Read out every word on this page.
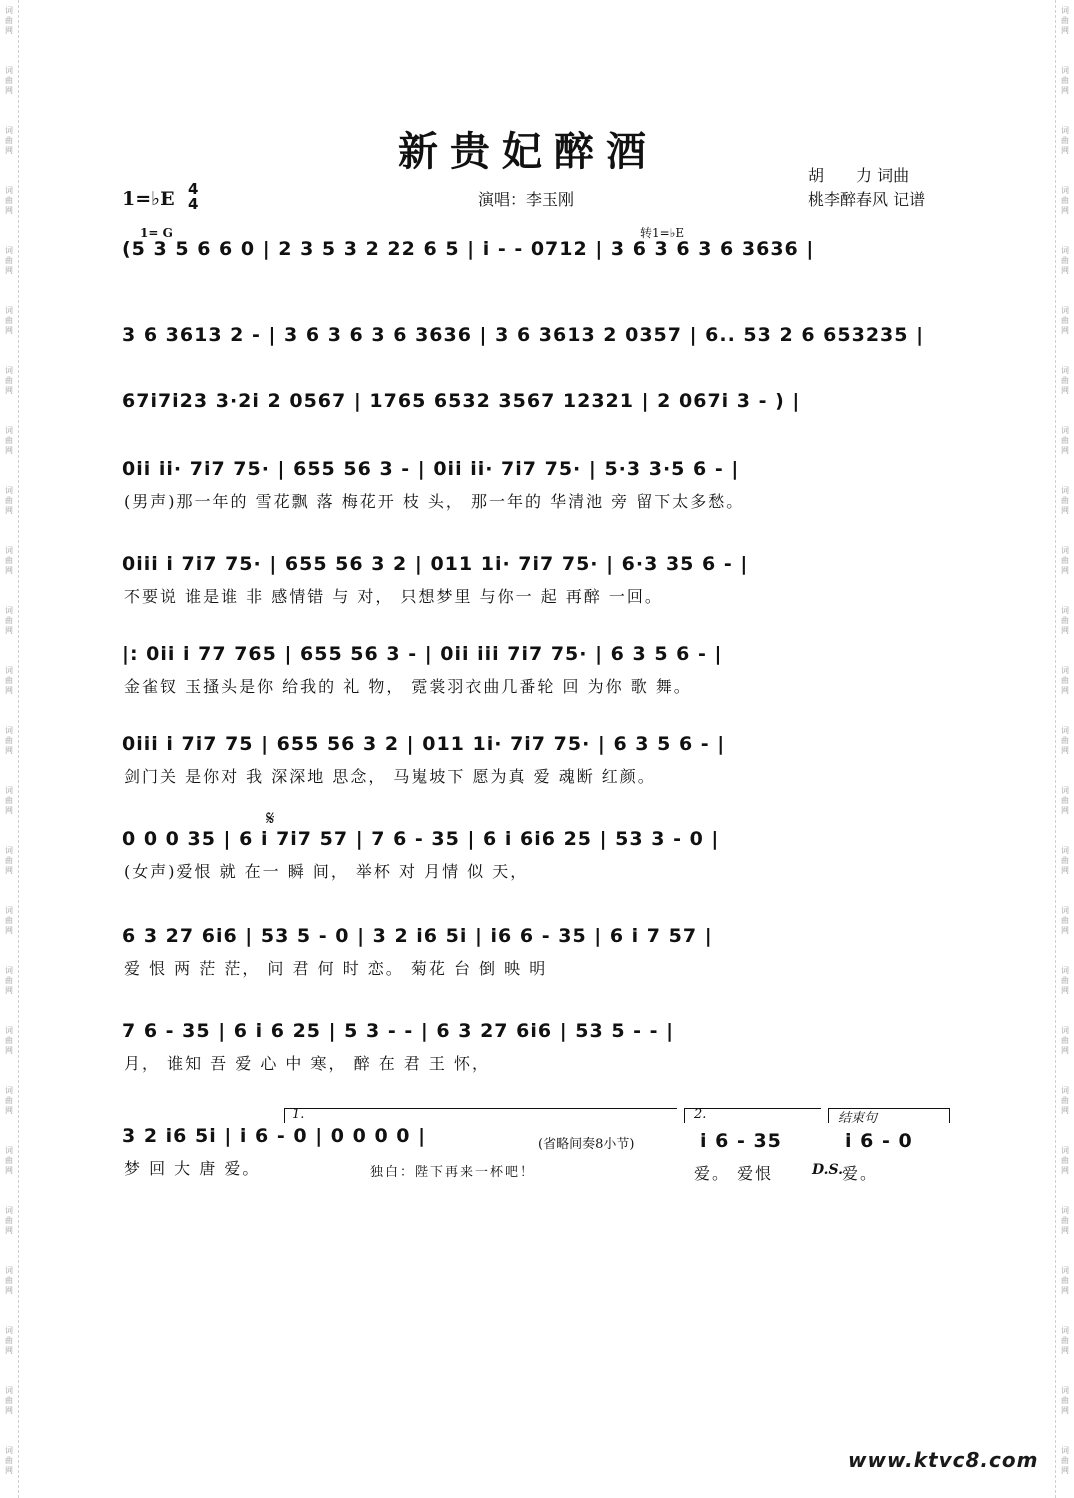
词
曲
网
词
曲
网
词
曲
网
词
曲
网
词
曲
网
词
曲
网
词
曲
网
词
曲
网
词
曲
网
词
曲
网
词
曲
网
词
曲
网
词
曲
网
词
曲
网
词
曲
网
词
曲
网
词
曲
网
词
曲
网
词
曲
网
词
曲
网
词
曲
网
词
曲
网
词
曲
网
词
曲
网
词
曲
网
词
曲
网
词
曲
网
词
曲
网
词
曲
网
词
曲
网
词
曲
网
词
曲
网
词
曲
网
词
曲
网
词
曲
网
词
曲
网
词
曲
网
词
曲
网
词
曲
网
词
曲
网
词
曲
网
词
曲
网
词
曲
网
词
曲
网
词
曲
网
词
曲
网
词
曲
网
词
曲
网
词
曲
网
词
曲
网
新贵妃醉酒
胡　　力 词曲
桃李醉春风 记谱
演唱：李玉刚
1=♭E 4
4
1= G	转1=♭E
𝄋
(5 3 5 6 6 0 | 2 3 5 3 2 22 6 5 | i - - 0712 | 3 6 3 6 3 6 3636 |
3 6 3613 2 - | 3 6 3 6 3 6 3636 | 3 6 3613 2 0357 | 6.. 53 2 6 653235 |
67i7i23 3·2i 2 0567 | 1765 6532 3567 12321 | 2 067i 3 - ) |
0ii ii· 7i7 75· | 655 56 3 - | 0ii ii· 7i7 75· | 5·3 3·5 6 - |
(男声)那一年的 雪花飘 落 梅花开 枝 头， 那一年的 华清池 旁 留下太多愁。
0iii i 7i7 75· | 655 56 3 2 | 011 1i· 7i7 75· | 6·3 35 6 - |
不要说 谁是谁 非 感情错 与 对， 只想梦里 与你一 起 再醉 一回。
|: 0ii i 77 765 | 655 56 3 - | 0ii iii 7i7 75· | 6 3 5 6 - |
金雀钗 玉搔头是你 给我的 礼 物， 霓裳羽衣曲几番轮 回 为你 歌 舞。
0iii i 7i7 75 | 655 56 3 2 | 011 1i· 7i7 75· | 6 3 5 6 - |
剑门关 是你对 我 深深地 思念， 马嵬坡下 愿为真 爱 魂断 红颜。
0 0 0 35 | 6 i 7i7 57 | 7 6 - 35 | 6 i 6i6 25 | 53 3 - 0 |
(女声)爱恨 就 在一 瞬 间， 举杯 对 月情 似 天，
6 3 27 6i6 | 53 5 - 0 | 3 2 i6 5i | i6 6 - 35 | 6 i 7 57 |
爱 恨 两 茫 茫， 问 君 何 时 恋。 菊花 台 倒 映 明
7 6 - 35 | 6 i 6 25 | 5 3 - - | 6 3 27 6i6 | 53 5 - - |
月， 谁知 吾 爱 心 中 寒， 醉 在 君 王 怀，
3 2 i6 5i | i 6 - 0 | 0 0 0 0 |
梦 回 大 唐 爱。
1.	2.	结束句
(省略间奏8小节)	i 6 - 35	i 6 - 0
独白：陛下再来一杯吧！	爱。 爱恨	D.S.
爱。
www.ktvc8.com
